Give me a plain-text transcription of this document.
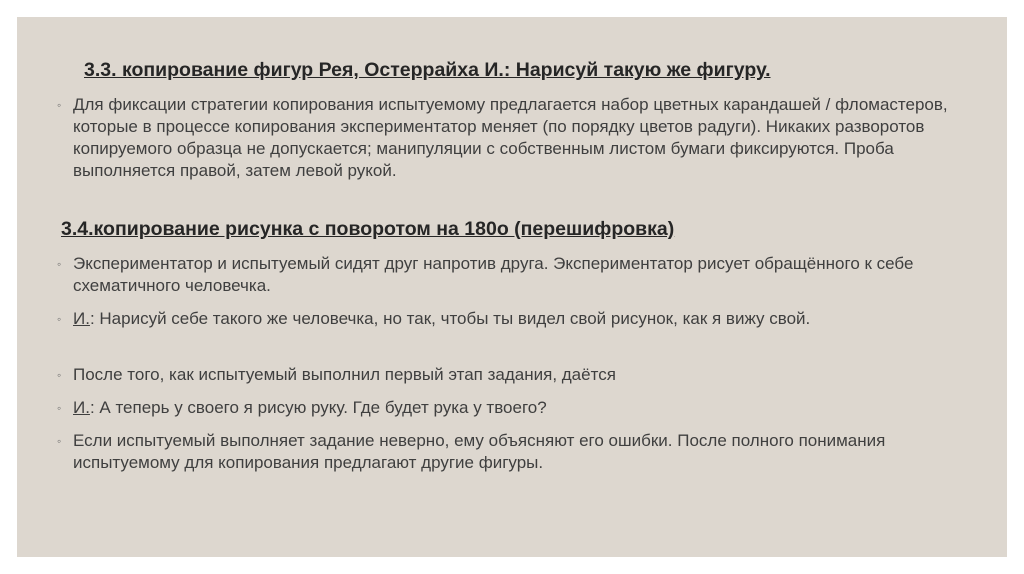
3.3. копирование фигур Рея, Остеррайха И.: Нарисуй такую же фигуру.
◦ Для фиксации стратегии копирования испытуемому предлагается набор цветных карандашей / фломастеров, которые в процессе копирования экспериментатор меняет (по порядку цветов радуги). Никаких разворотов копируемого образца не допускается; манипуляции с собственным листом бумаги фиксируются. Проба выполняется правой, затем левой рукой.
3.4.копирование рисунка с поворотом на 180о (перешифровка)
◦ Экспериментатор и испытуемый сидят друг напротив друга. Экспериментатор рисует обращённого к себе схематичного человечка.
◦ И.: Нарисуй себе такого же человечка, но так, чтобы ты видел свой рисунок, как я вижу свой.
◦ После того, как испытуемый выполнил первый этап задания, даётся
◦ И.: А теперь у своего я рисую руку. Где будет рука у твоего?
◦ Если испытуемый выполняет задание неверно, ему объясняют его ошибки. После полного понимания испытуемому для копирования предлагают другие фигуры.
